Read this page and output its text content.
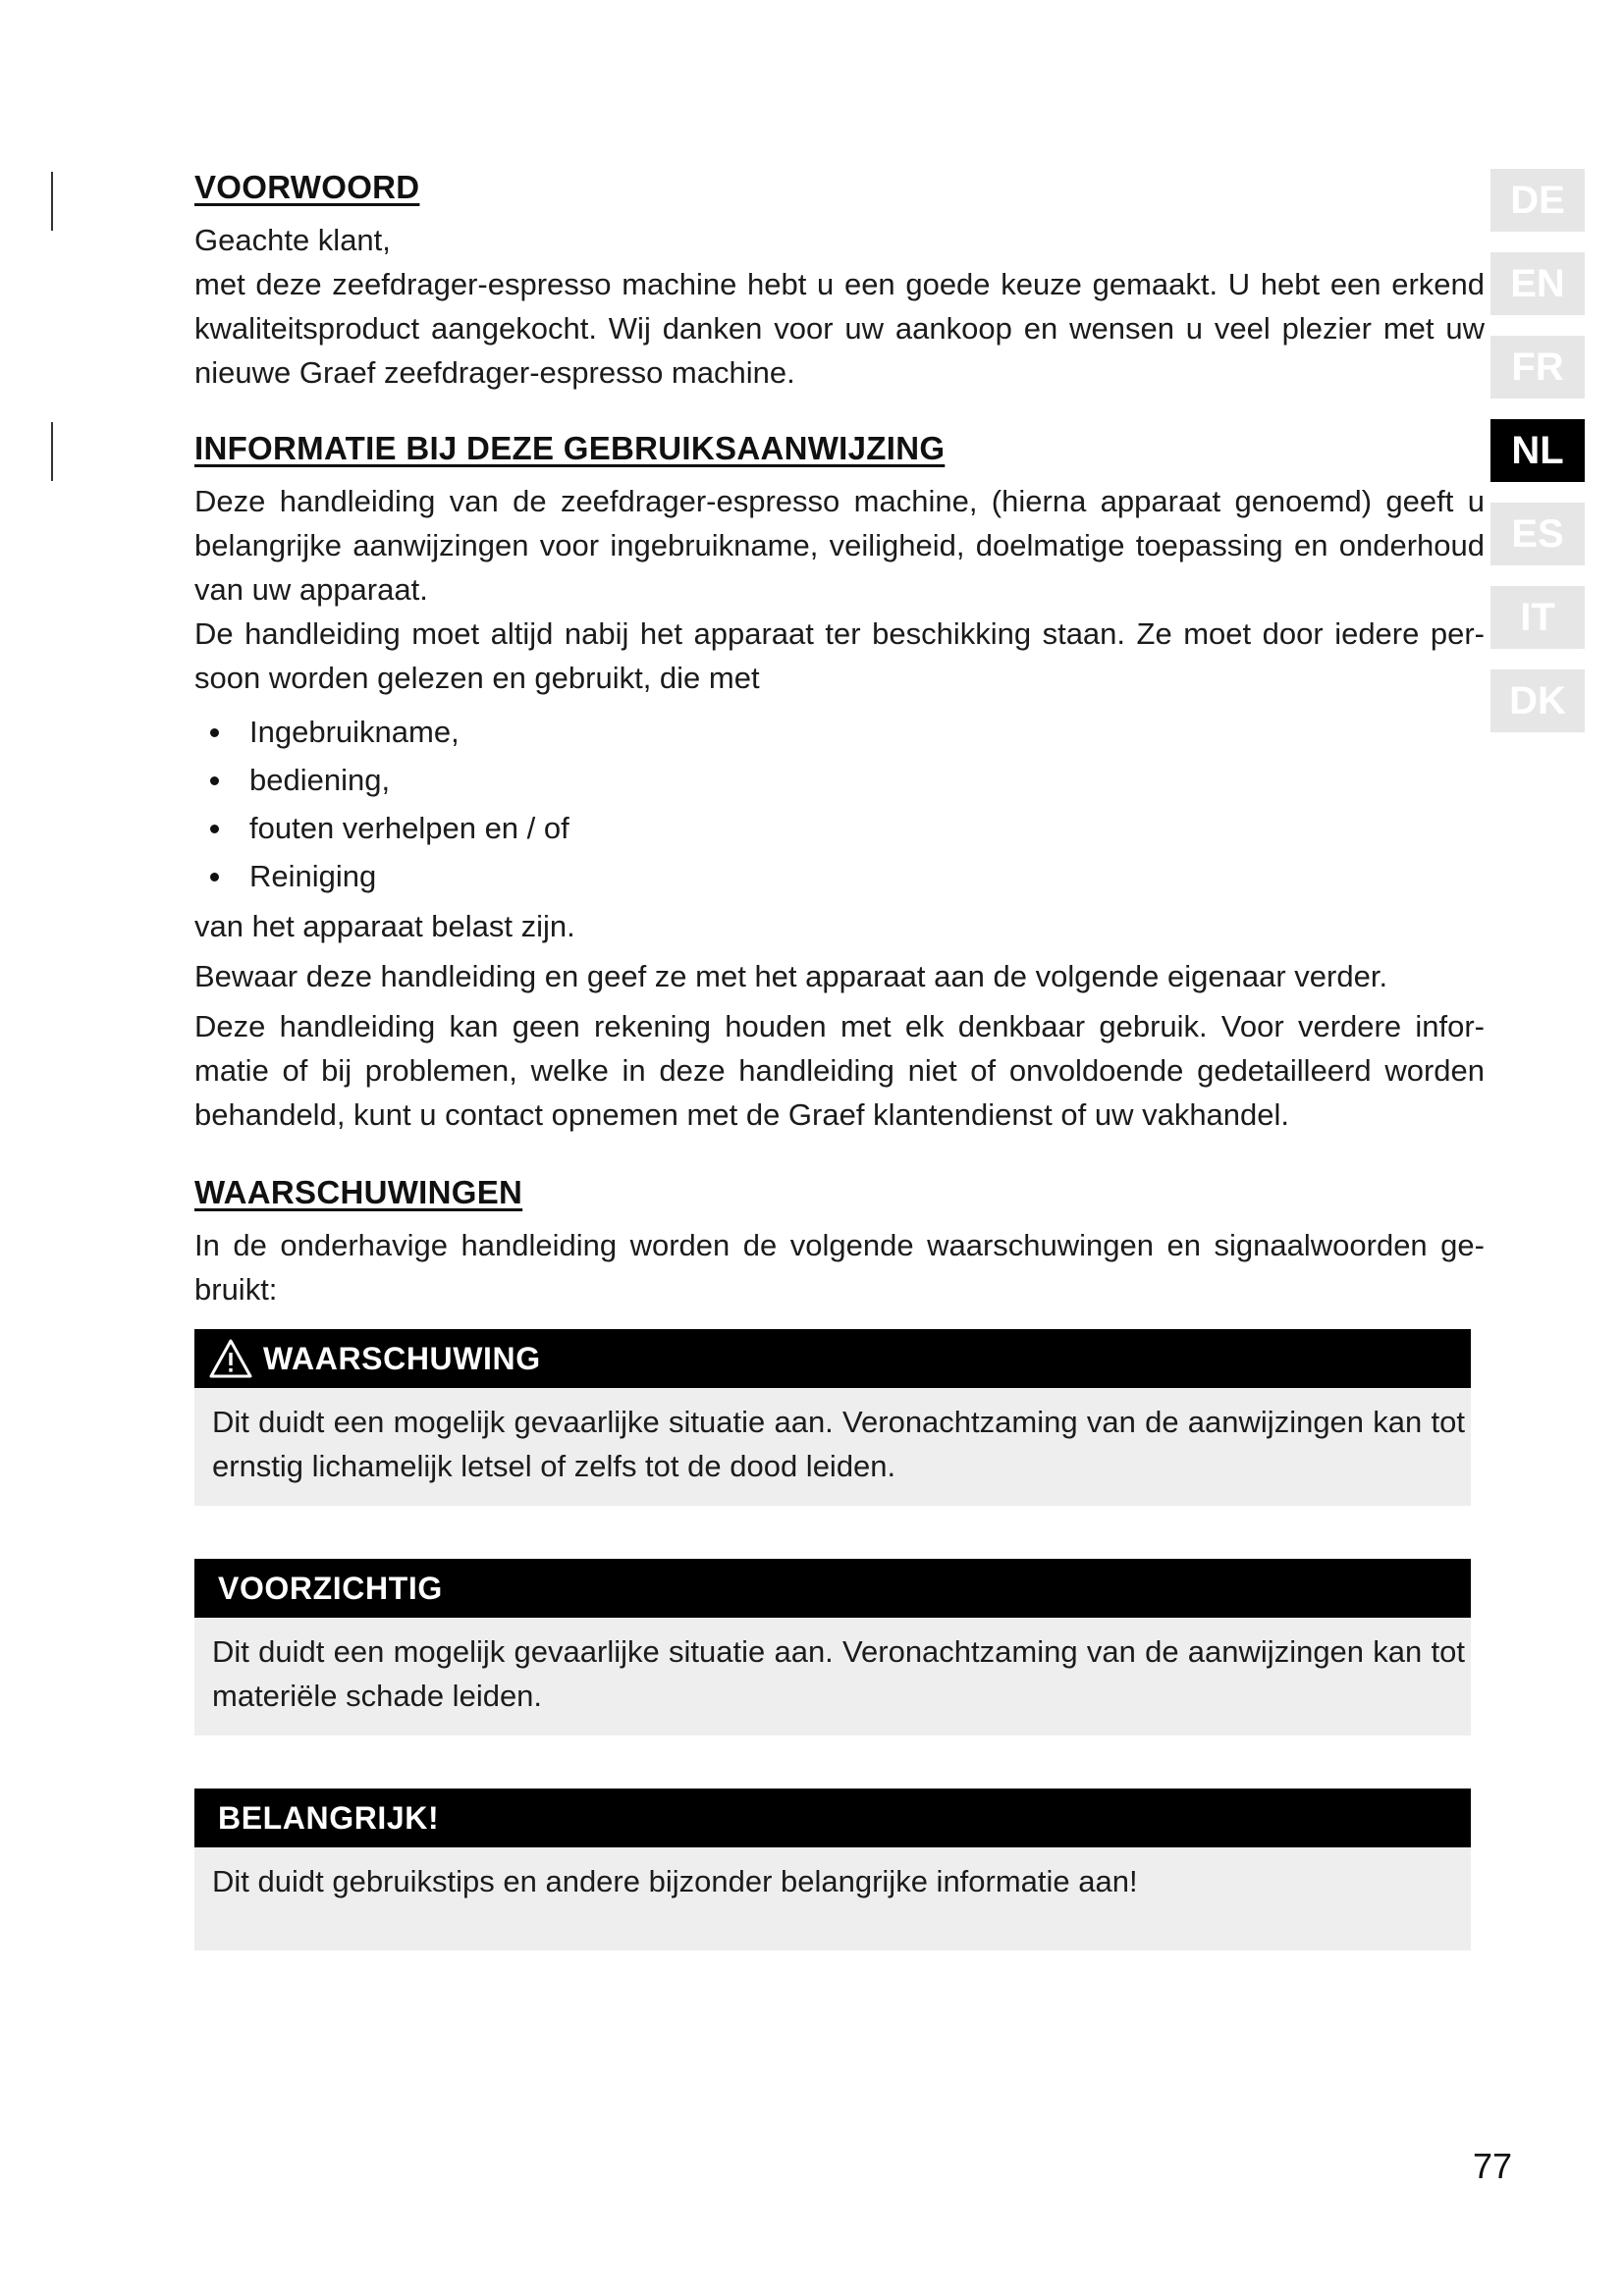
VOORWOORD

Geachte klant,

met deze zeefdrager-espresso machine hebt u een goede keuze gemaakt. U hebt een erkend kwaliteitsproduct aangekocht. Wij danken voor uw aankoop en wensen u veel plezier met uw nieuwe Graef zeefdrager-espresso machine.

INFORMATIE BIJ DEZE GEBRUIKSAANWIJZING

Deze handleiding van de zeefdrager-espresso machine, (hierna apparaat genoemd) geeft u belangrijke aanwijzingen voor ingebruikname, veiligheid, doelmatige toepassing en onderhoud van uw apparaat.

De handleiding moet altijd nabij het apparaat ter beschikking staan. Ze moet door iedere per-soon worden gelezen en gebruikt, die met

Ingebruikname,
bediening,
fouten verhelpen en / of
Reiniging

van het apparaat belast zijn.

Bewaar deze handleiding en geef ze met het apparaat aan de volgende eigenaar verder.

Deze handleiding kan geen rekening houden met elk denkbaar gebruik. Voor verdere infor-matie of bij problemen, welke in deze handleiding niet of onvoldoende gedetailleerd worden behandeld, kunt u contact opnemen met de Graef klantendienst of uw vakhandel.

WAARSCHUWINGEN

In de onderhavige handleiding worden de volgende waarschuwingen en signaalwoorden ge-bruikt:

WAARSCHUWING
Dit duidt een mogelijk gevaarlijke situatie aan. Veronachtzaming van de aanwijzingen kan tot ernstig lichamelijk letsel of zelfs tot de dood leiden.
VOORZICHTIG
Dit duidt een mogelijk gevaarlijke situatie aan. Veronachtzaming van de aanwijzingen kan tot materiële schade leiden.
BELANGRIJK!
Dit duidt gebruikstips en andere bijzonder belangrijke informatie aan!
DE
EN
FR
NL
ES
IT
DK
77
